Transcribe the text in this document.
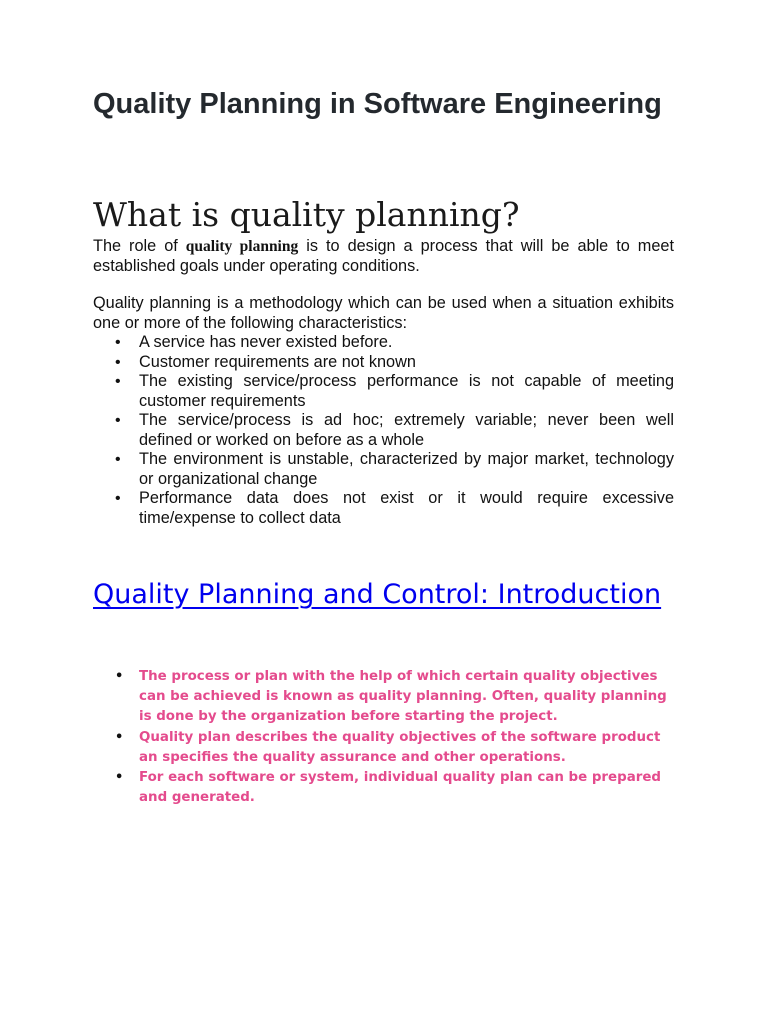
Quality Planning in Software Engineering
What is quality planning?

The role of quality planning is to design a process that will be able to meet established goals under operating conditions.

Quality planning is a methodology which can be used when a situation exhibits one or more of the following characteristics:

• A service has never existed before.
• Customer requirements are not known
• The existing service/process performance is not capable of meeting customer requirements
• The service/process is ad hoc; extremely variable; never been well defined or worked on before as a whole
• The environment is unstable, characterized by major market, technology or organizational change
• Performance data does not exist or it would require excessive time/expense to collect data
Quality Planning and Control: Introduction
• The process or plan with the help of which certain quality objectives can be achieved is known as quality planning. Often, quality planning is done by the organization before starting the project.
• Quality plan describes the quality objectives of the software product an specifies the quality assurance and other operations.
• For each software or system, individual quality plan can be prepared and generated.
